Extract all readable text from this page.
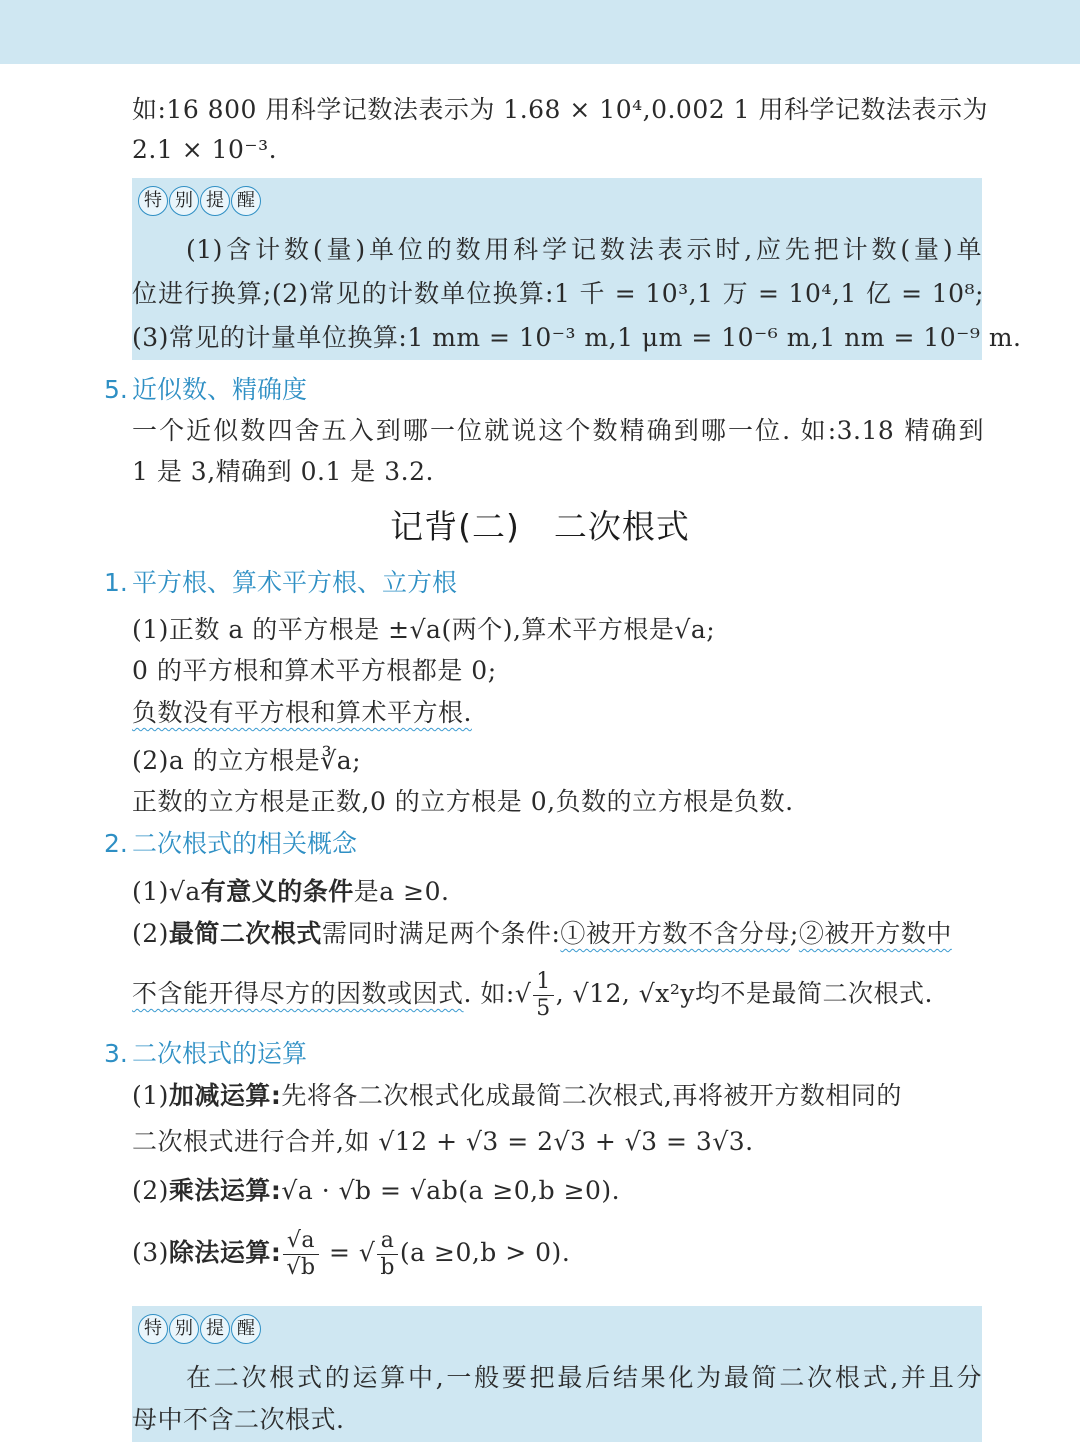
如:16 800 用科学记数法表示为 1.68 × 10⁴,0.002 1 用科学记数法表示为
2.1 × 10⁻³.
特 别 提 醒
(1)含计数(量)单位的数用科学记数法表示时,应先把计数(量)单
位进行换算;(2)常见的计数单位换算:1 千 = 10³,1 万 = 10⁴,1 亿 = 10⁸;
(3)常见的计量单位换算:1 mm = 10⁻³ m,1 μm = 10⁻⁶ m,1 nm = 10⁻⁹ m.
5. 近似数、精确度
一个近似数四舍五入到哪一位就说这个数精确到哪一位. 如:3.18 精确到
1 是 3,精确到 0.1 是 3.2.
记背(二)　二次根式
1. 平方根、算术平方根、立方根
(1)正数 a 的平方根是 ±√a(两个),算术平方根是√a;
0 的平方根和算术平方根都是 0;
负数没有平方根和算术平方根.
(2)a 的立方根是∛a;
正数的立方根是正数,0 的立方根是 0,负数的立方根是负数.
2. 二次根式的相关概念
(1)√a有意义的条件是a ≥0.
(2)最简二次根式需同时满足两个条件:①被开方数不含分母;②被开方数中
不含能开得尽方的因数或因式. 如:√ $\frac{1}{5}$ , √12, √x²y均不是最简二次根式.
3. 二次根式的运算
(1)加减运算:先将各二次根式化成最简二次根式,再将被开方数相同的
二次根式进行合并,如 √12 + √3 = 2√3 + √3 = 3√3.
(2)乘法运算:√a · √b = √ab(a ≥0,b ≥0).
(3)除法运算: $\frac{√a}{√b}$ = √ $\frac{a}{b} (a \ge 0,b > 0)$.
特 别 提 醒
在二次根式的运算中,一般要把最后结果化为最简二次根式,并且分
母中不含二次根式.
